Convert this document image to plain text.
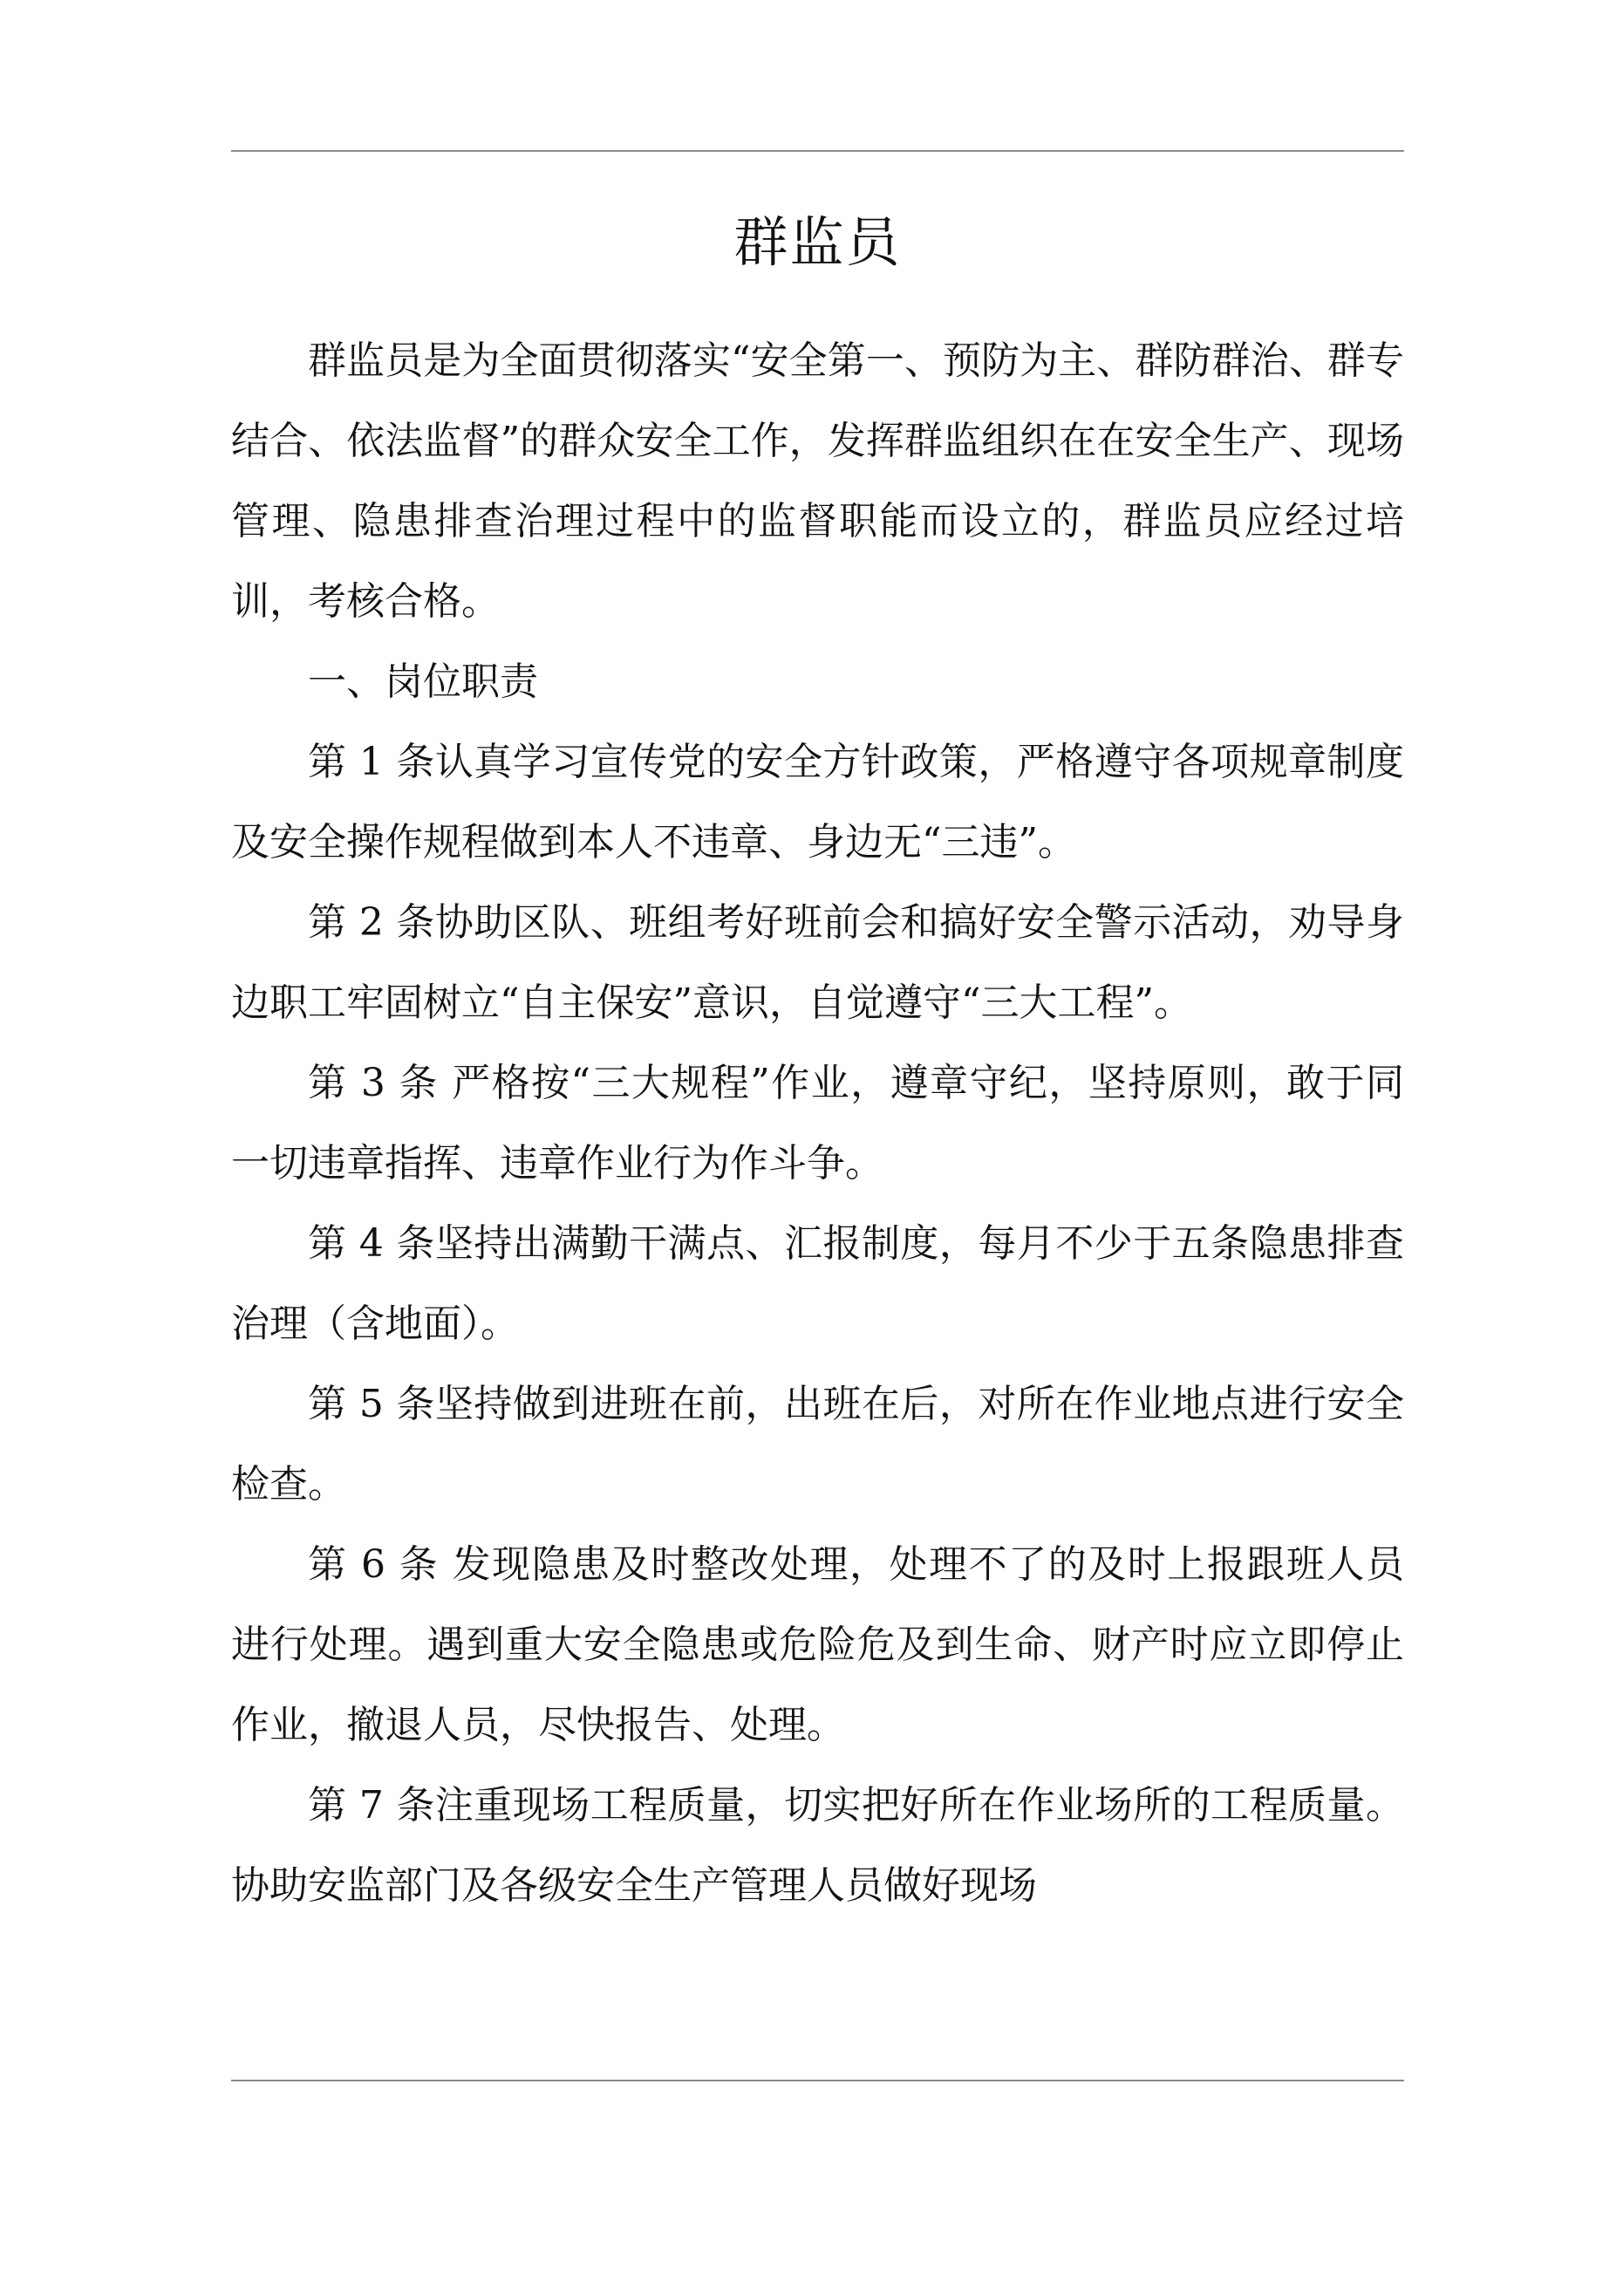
群监员

群监员是为全面贯彻落实“安全第一、预防为主、群防群治、群专结合、依法监督”的群众安全工作，发挥群监组织在在安全生产、现场管理、隐患排查治理过程中的监督职能而设立的，群监员应经过培训，考核合格。

一、岗位职责

第 1 条认真学习宣传党的安全方针政策，严格遵守各项规章制度及安全操作规程做到本人不违章、身边无“三违”。

第 2 条协助区队、班组考好班前会和搞好安全警示活动，劝导身边职工牢固树立“自主保安”意识，自觉遵守“三大工程”。

第 3 条 严格按“三大规程”作业，遵章守纪，坚持原则，敢于同一切违章指挥、违章作业行为作斗争。

第 4 条坚持出满勤干满点、汇报制度，每月不少于五条隐患排查治理（含地面）。

第 5 条坚持做到进班在前，出班在后，对所在作业地点进行安全检查。

第 6 条 发现隐患及时整改处理，处理不了的及时上报跟班人员进行处理。遇到重大安全隐患或危险危及到生命、财产时应立即停止作业，撤退人员，尽快报告、处理。

第 7 条注重现场工程质量，切实把好所在作业场所的工程质量。协助安监部门及各级安全生产管理人员做好现场
